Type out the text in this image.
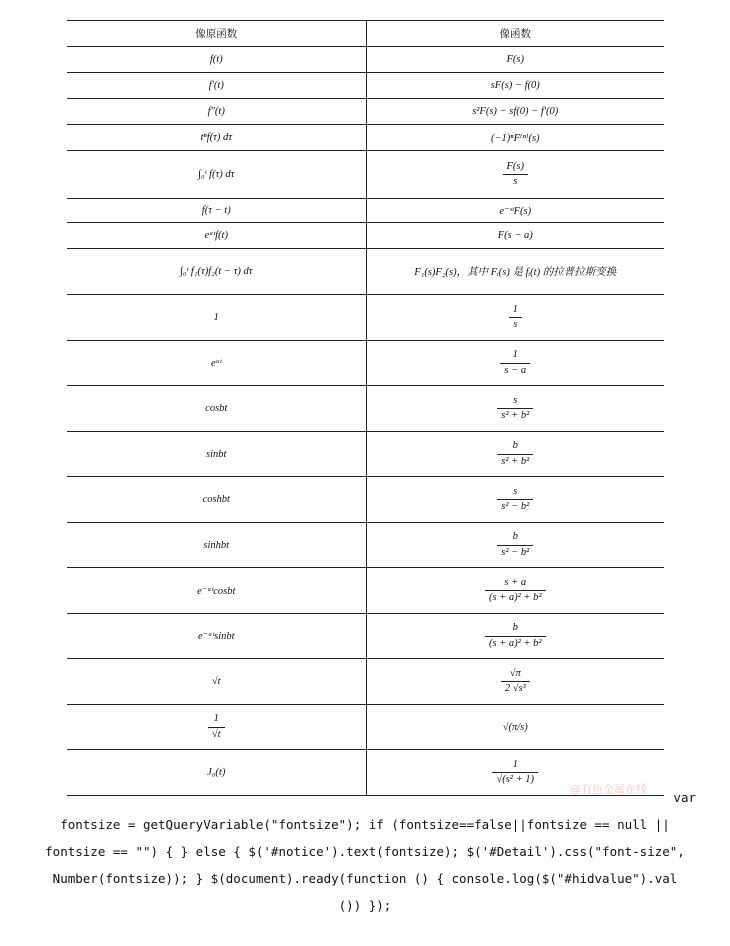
像原函数	像函数
f(t)	F(s)
f′(t)	sF(s) − f(0)
f″(t)	s²F(s) − sf(0) − f′(0)
tⁿf(τ) dτ	(−1)ⁿF⁽ⁿ⁾(s)
∫₀ᵗ f(τ) dτ	$\frac{F(s)}{s}$

f(τ − t)	e⁻ˢᵗF(s)
eᵃᵗf(t)	F(s − a)
∫₀ᵗ f₁(τ)f₂(t − τ) dτ	F₁(s)F₂(s)，其中 Fᵢ(s) 是 fᵢ(t) 的拉普拉斯变换
1	$\frac{1}{s}$

eᵃᵗ	$\frac{1}{s - a}$

cosbt	$\frac{s}{\text{s² + b²}}$

sinbt	$\frac{b}{\text{s² + b²}}$

coshbt	$\frac{s}{\text{s² − b²}}$

sinhbt	$\frac{b}{\text{s² − b²}}$

e⁻ᵃᵗcosbt	$\frac{s + a}{\text{(s + a)² + b²}}$

e⁻ᵃᵗsinbt	$\frac{b}{\text{(s + a)² + b²}}$

√t	$\frac{√\pi}{\text{2 √s³}}$

$\frac{1}{√t}$	√(π/s)
J₀(t)	$\frac{1}{\text{√(s² + 1)}}$
@有色金属在线
var
fontsize = getQueryVariable("fontsize"); if (fontsize==false||fontsize == null ||
fontsize == "") { } else { $('#notice').text(fontsize); $('#Detail').css("font-size",
Number(fontsize)); } $(document).ready(function () { console.log($("#hidvalue").val
()) });
